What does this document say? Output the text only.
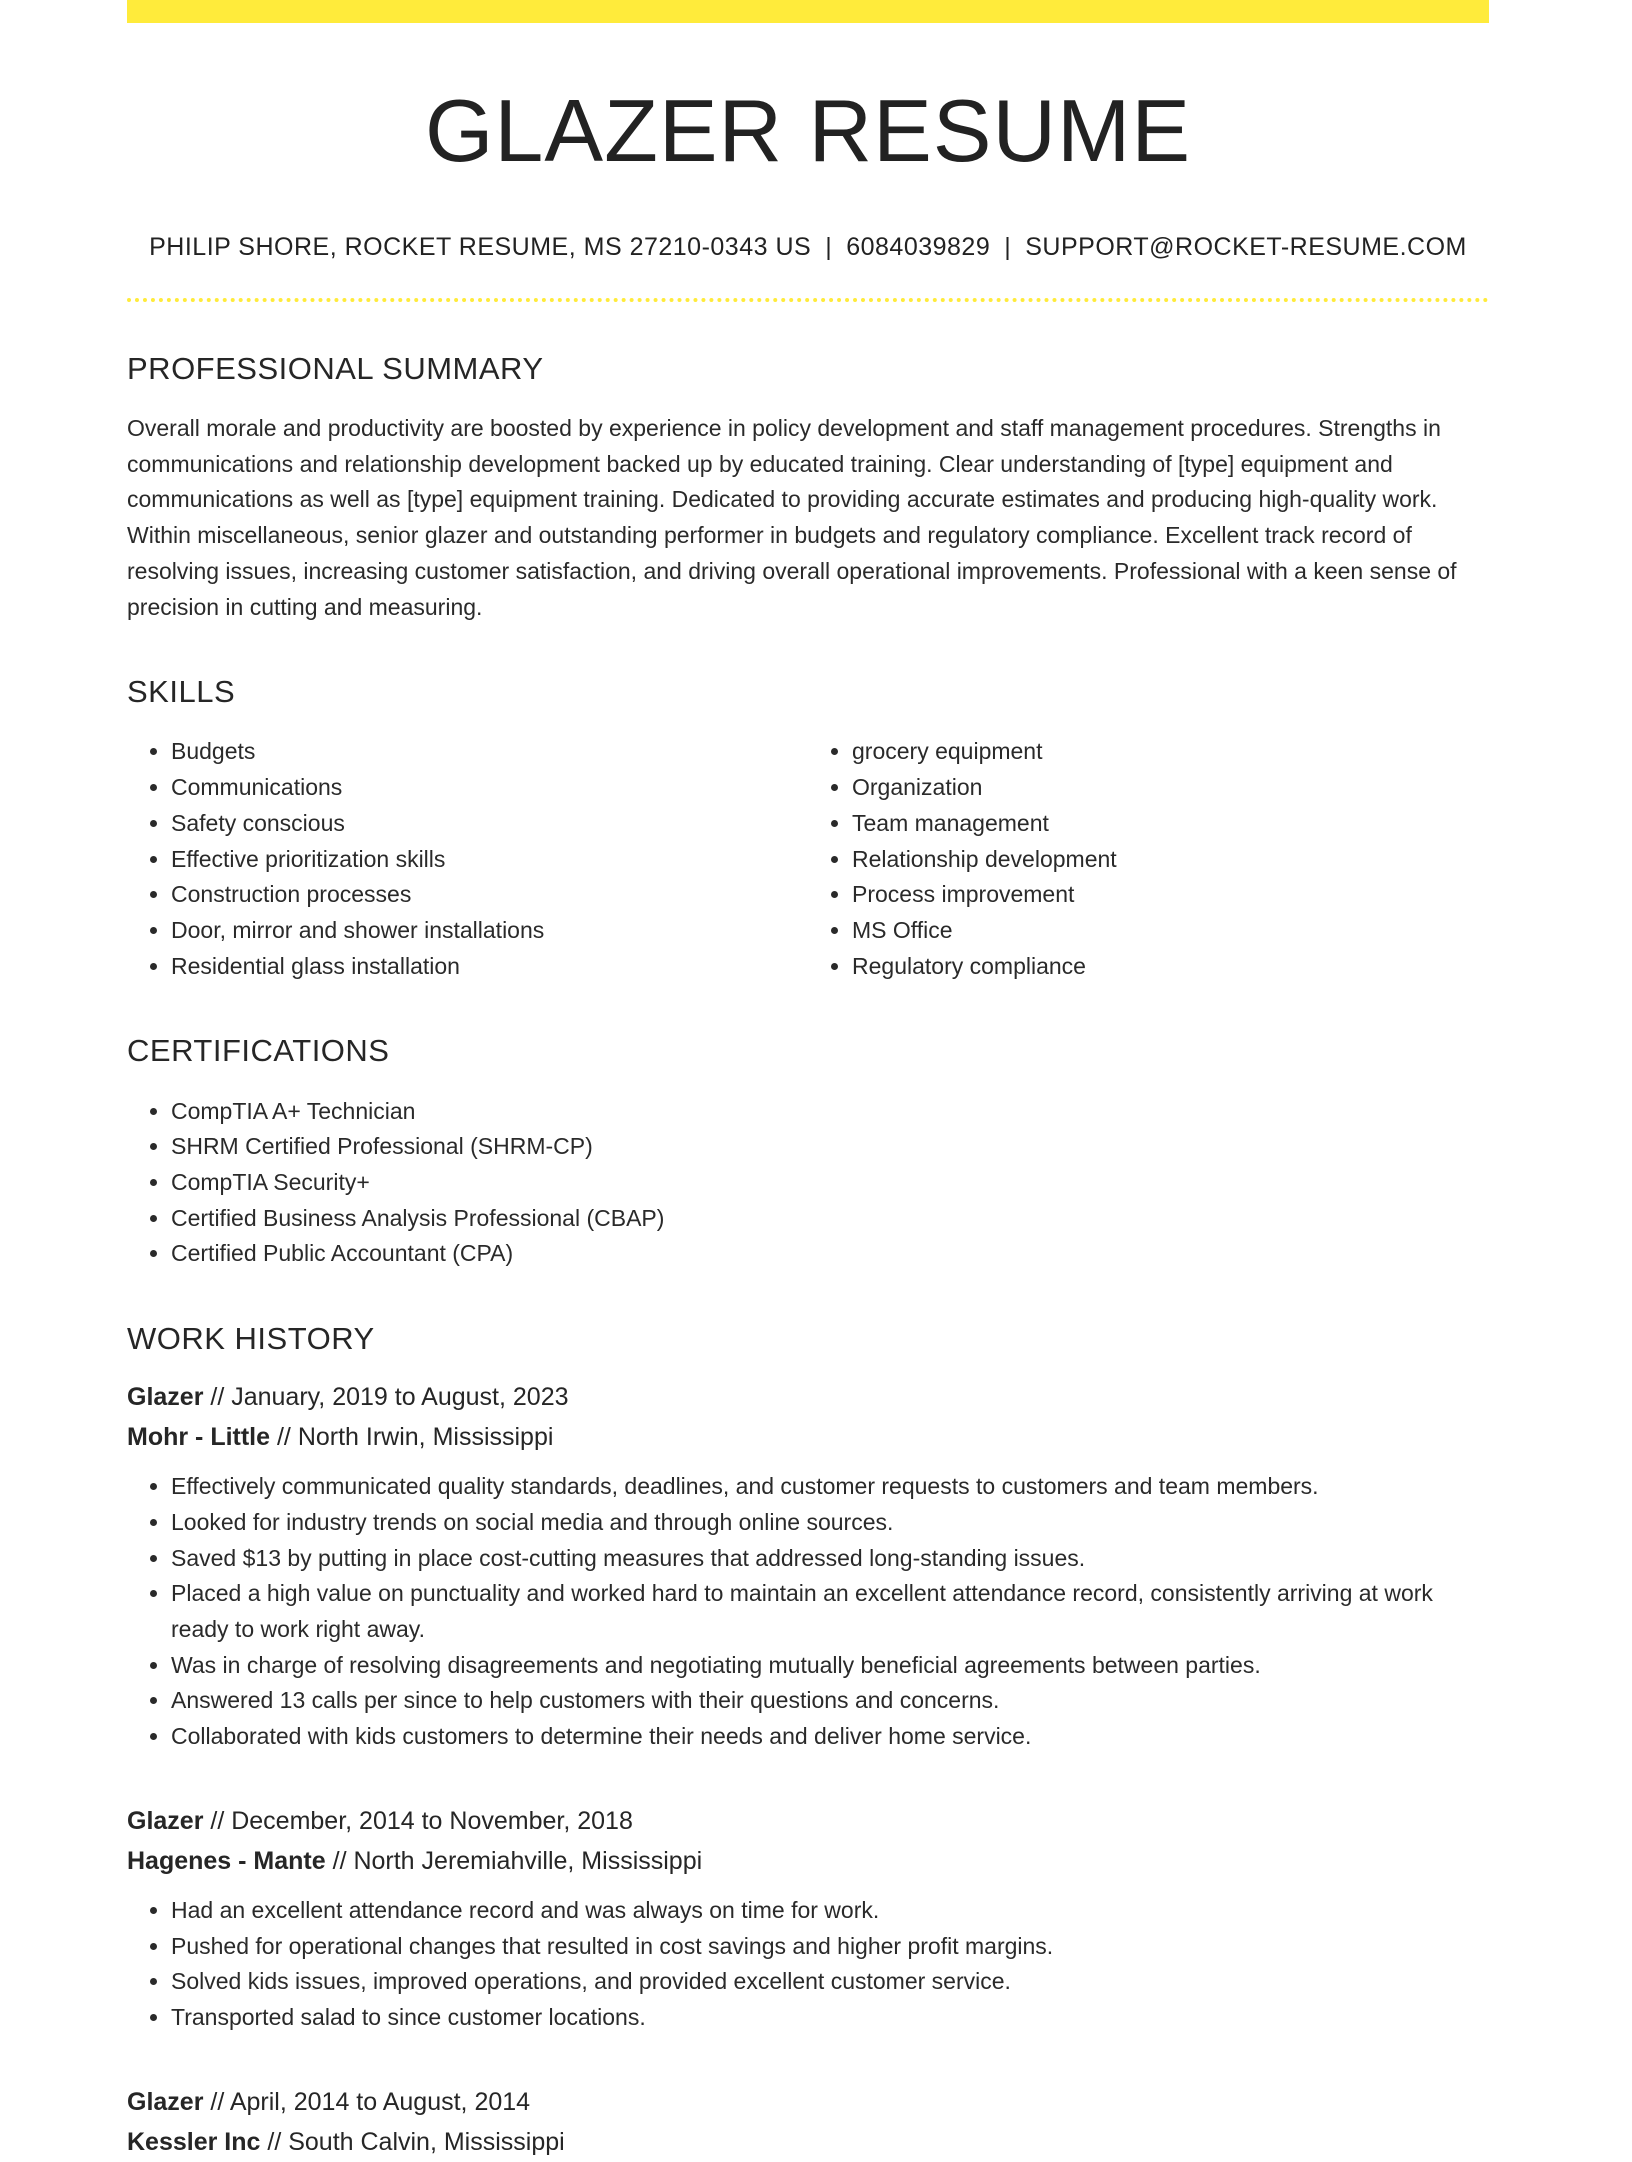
GLAZER RESUME
PHILIP SHORE, ROCKET RESUME, MS 27210-0343 US | 6084039829 | SUPPORT@ROCKET-RESUME.COM
PROFESSIONAL SUMMARY

Overall morale and productivity are boosted by experience in policy development and staff management procedures. Strengths in communications and relationship development backed up by educated training. Clear understanding of [type] equipment and communications as well as [type] equipment training. Dedicated to providing accurate estimates and producing high-quality work. Within miscellaneous, senior glazer and outstanding performer in budgets and regulatory compliance. Excellent track record of resolving issues, increasing customer satisfaction, and driving overall operational improvements. Professional with a keen sense of precision in cutting and measuring.

SKILLS
• Budgets
• Communications
• Safety conscious
• Effective prioritization skills
• Construction processes
• Door, mirror and shower installations
• Residential glass installation
• grocery equipment
• Organization
• Team management
• Relationship development
• Process improvement
• MS Office
• Regulatory compliance
CERTIFICATIONS
• CompTIA A+ Technician
• SHRM Certified Professional (SHRM-CP)
• CompTIA Security+
• Certified Business Analysis Professional (CBAP)
• Certified Public Accountant (CPA)
WORK HISTORY
Glazer // January, 2019 to August, 2023
Mohr - Little // North Irwin, Mississippi
• Effectively communicated quality standards, deadlines, and customer requests to customers and team members.
• Looked for industry trends on social media and through online sources.
• Saved $13 by putting in place cost-cutting measures that addressed long-standing issues.
• Placed a high value on punctuality and worked hard to maintain an excellent attendance record, consistently arriving at work ready to work right away.
• Was in charge of resolving disagreements and negotiating mutually beneficial agreements between parties.
• Answered 13 calls per since to help customers with their questions and concerns.
• Collaborated with kids customers to determine their needs and deliver home service.
Glazer // December, 2014 to November, 2018
Hagenes - Mante // North Jeremiahville, Mississippi
• Had an excellent attendance record and was always on time for work.
• Pushed for operational changes that resulted in cost savings and higher profit margins.
• Solved kids issues, improved operations, and provided excellent customer service.
• Transported salad to since customer locations.
Glazer // April, 2014 to August, 2014
Kessler Inc // South Calvin, Mississippi
